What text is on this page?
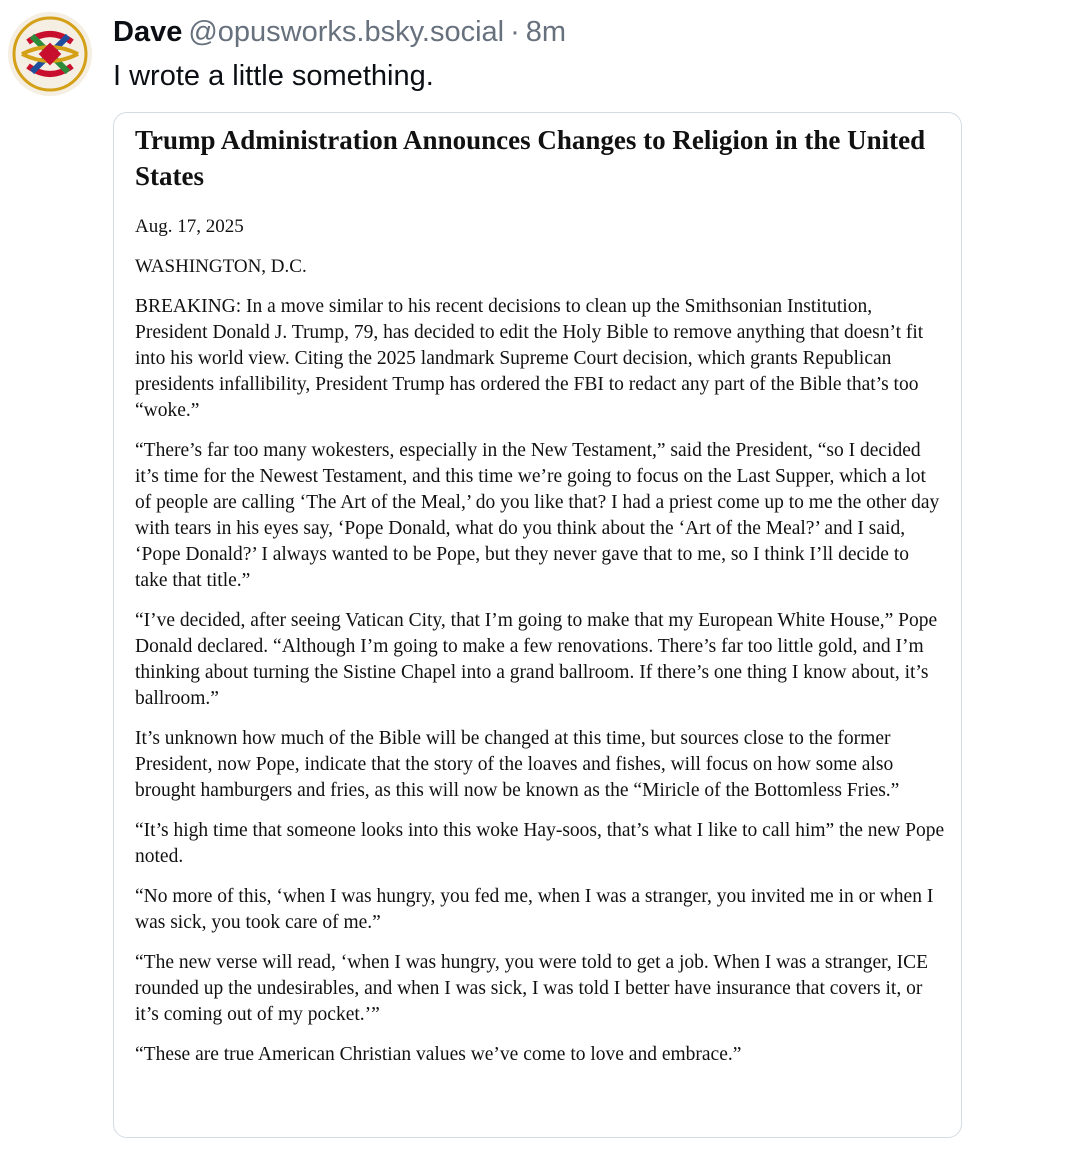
Dave @opusworks.bsky.social · 8m
I wrote a little something.
Trump Administration Announces Changes to Religion in the United States
Aug. 17, 2025
WASHINGTON, D.C.
BREAKING: In a move similar to his recent decisions to clean up the Smithsonian Institution, President Donald J. Trump, 79, has decided to edit the Holy Bible to remove anything that doesn’t fit into his world view. Citing the 2025 landmark Supreme Court decision, which grants Republican presidents infallibility, President Trump has ordered the FBI to redact any part of the Bible that’s too “woke.”
“There’s far too many wokesters, especially in the New Testament,” said the President, “so I decided it’s time for the Newest Testament, and this time we’re going to focus on the Last Supper, which a lot of people are calling ‘The Art of the Meal,’ do you like that? I had a priest come up to me the other day with tears in his eyes say, ‘Pope Donald, what do you think about the ‘Art of the Meal?’ and I said, ‘Pope Donald?’ I always wanted to be Pope, but they never gave that to me, so I think I’ll decide to take that title.”
“I’ve decided, after seeing Vatican City, that I’m going to make that my European White House,” Pope Donald declared. “Although I’m going to make a few renovations. There’s far too little gold, and I’m thinking about turning the Sistine Chapel into a grand ballroom. If there’s one thing I know about, it’s ballroom.”
It’s unknown how much of the Bible will be changed at this time, but sources close to the former President, now Pope, indicate that the story of the loaves and fishes, will focus on how some also brought hamburgers and fries, as this will now be known as the “Miricle of the Bottomless Fries.”
“It’s high time that someone looks into this woke Hay-soos, that’s what I like to call him” the new Pope noted.
“No more of this, ‘when I was hungry, you fed me, when I was a stranger, you invited me in or when I was sick, you took care of me.”
“The new verse will read, ‘when I was hungry, you were told to get a job. When I was a stranger, ICE rounded up the undesirables, and when I was sick, I was told I better have insurance that covers it, or it’s coming out of my pocket.’”
“These are true American Christian values we’ve come to love and embrace.”
